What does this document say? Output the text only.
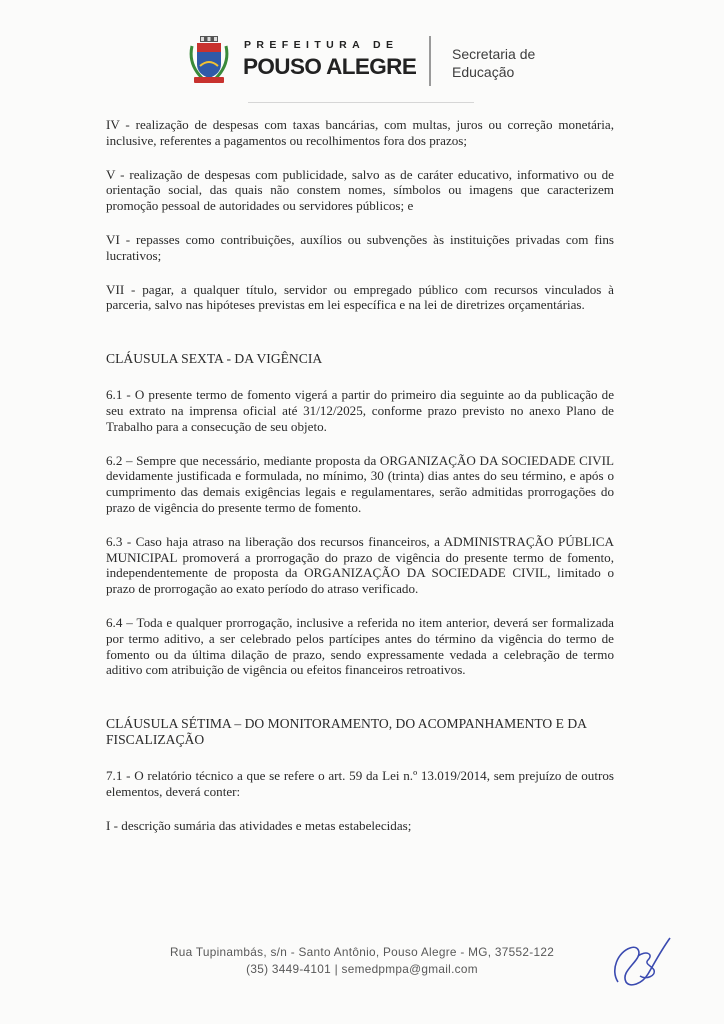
PREFEITURA DE
POUSO ALEGRE	Secretaria de
Educação

IV - realização de despesas com taxas bancárias, com multas, juros ou correção monetária, inclusive, referentes a pagamentos ou recolhimentos fora dos prazos;

V - realização de despesas com publicidade, salvo as de caráter educativo, informativo ou de orientação social, das quais não constem nomes, símbolos ou imagens que caracterizem promoção pessoal de autoridades ou servidores públicos; e

VI - repasses como contribuições, auxílios ou subvenções às instituições privadas com fins lucrativos;

VII - pagar, a qualquer título, servidor ou empregado público com recursos vinculados à parceria, salvo nas hipóteses previstas em lei específica e na lei de diretrizes orçamentárias.

CLÁUSULA SEXTA - DA VIGÊNCIA

6.1 - O presente termo de fomento vigerá a partir do primeiro dia seguinte ao da publicação de seu extrato na imprensa oficial até 31/12/2025, conforme prazo previsto no anexo Plano de Trabalho para a consecução de seu objeto.

6.2 – Sempre que necessário, mediante proposta da ORGANIZAÇÃO DA SOCIEDADE CIVIL devidamente justificada e formulada, no mínimo, 30 (trinta) dias antes do seu término, e após o cumprimento das demais exigências legais e regulamentares, serão admitidas prorrogações do prazo de vigência do presente termo de fomento.

6.3 - Caso haja atraso na liberação dos recursos financeiros, a ADMINISTRAÇÃO PÚBLICA MUNICIPAL promoverá a prorrogação do prazo de vigência do presente termo de fomento, independentemente de proposta da ORGANIZAÇÃO DA SOCIEDADE CIVIL, limitado o prazo de prorrogação ao exato período do atraso verificado.

6.4 – Toda e qualquer prorrogação, inclusive a referida no item anterior, deverá ser formalizada por termo aditivo, a ser celebrado pelos partícipes antes do término da vigência do termo de fomento ou da última dilação de prazo, sendo expressamente vedada a celebração de termo aditivo com atribuição de vigência ou efeitos financeiros retroativos.

CLÁUSULA SÉTIMA – DO MONITORAMENTO, DO ACOMPANHAMENTO E DA FISCALIZAÇÃO

7.1 - O relatório técnico a que se refere o art. 59 da Lei n.º 13.019/2014, sem prejuízo de outros elementos, deverá conter:

I - descrição sumária das atividades e metas estabelecidas;

Rua Tupinambás, s/n - Santo Antônio, Pouso Alegre - MG, 37552-122
(35) 3449-4101 | semedpmpa@gmail.com
